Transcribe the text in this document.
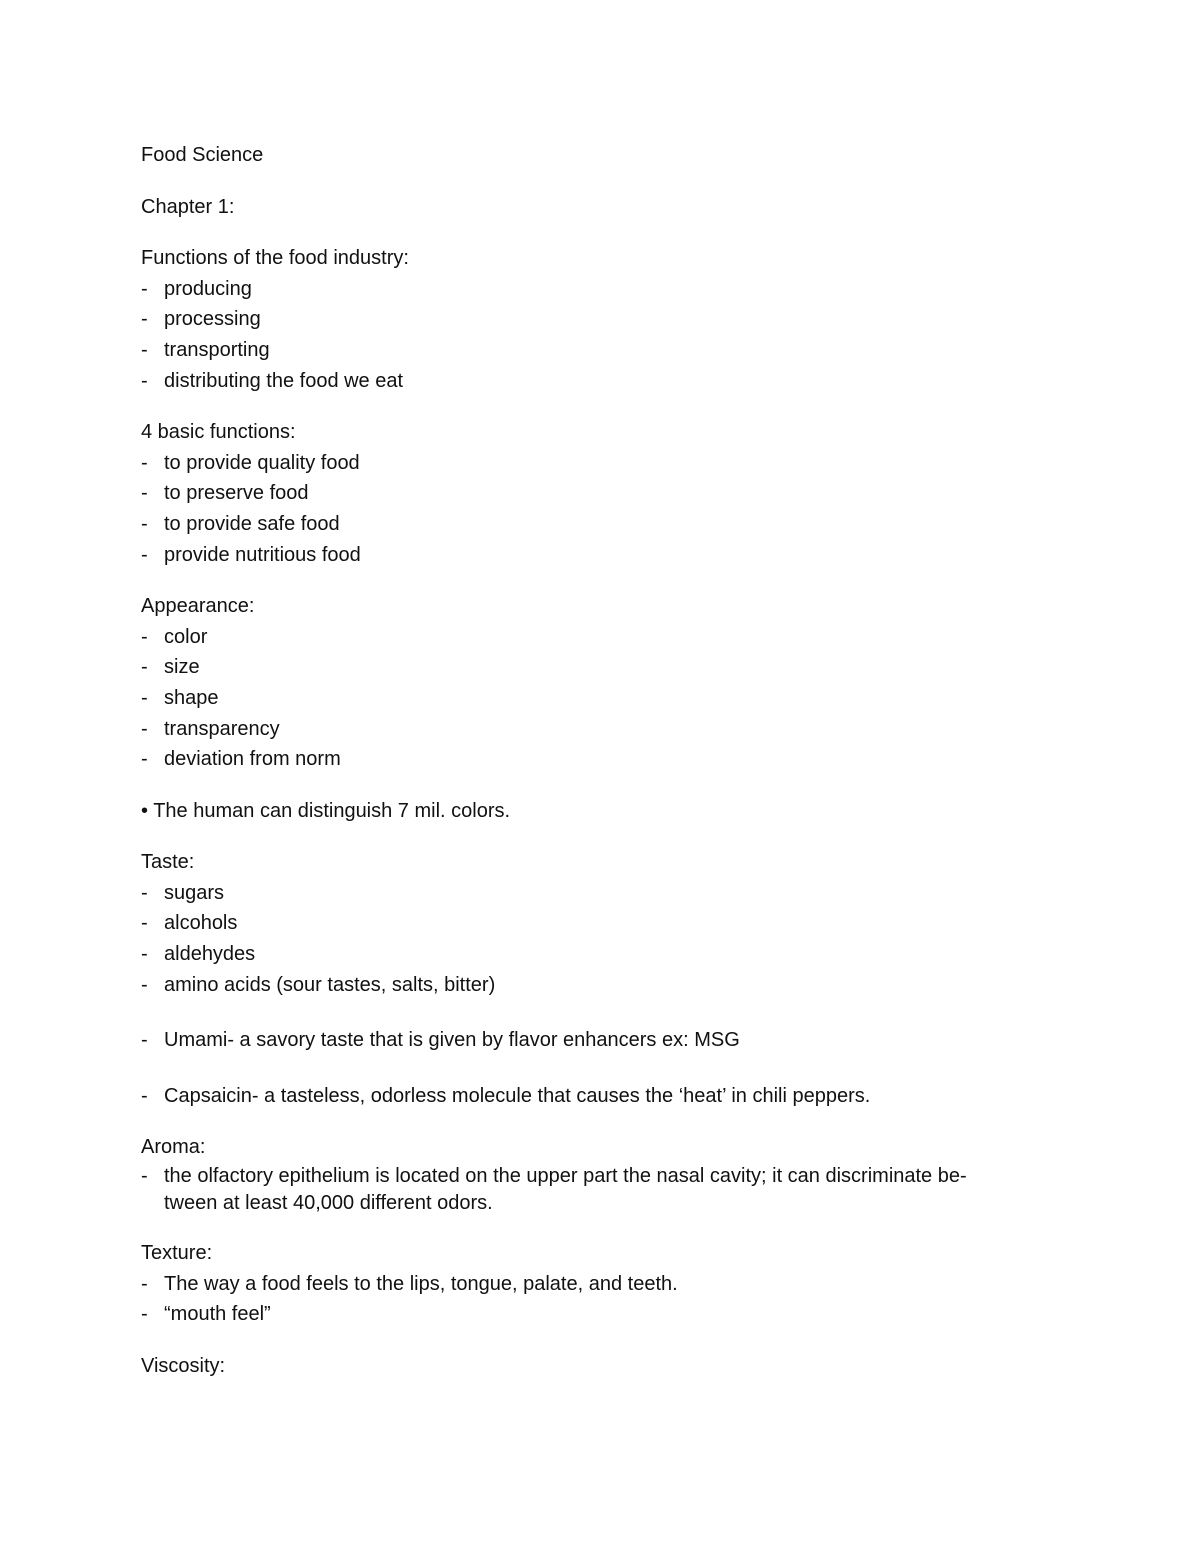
Food Science
Chapter 1:
Functions of the food industry:
- producing
- processing
- transporting
- distributing the food we eat
4 basic functions:
- to provide quality food
- to preserve food
- to provide safe food
- provide nutritious food
Appearance:
- color
- size
- shape
- transparency
- deviation from norm
• The human can distinguish 7 mil. colors.
Taste:
- sugars
- alcohols
- aldehydes
- amino acids (sour tastes, salts, bitter)
- Umami- a savory taste that is given by flavor enhancers ex: MSG
- Capsaicin- a tasteless, odorless molecule that causes the ‘heat’ in chili peppers.
Aroma:
- the olfactory epithelium is located on the upper part the nasal cavity; it can discriminate be-
tween at least 40,000 different odors.
Texture:
- The way a food feels to the lips, tongue, palate, and teeth.
- “mouth feel”
Viscosity:
